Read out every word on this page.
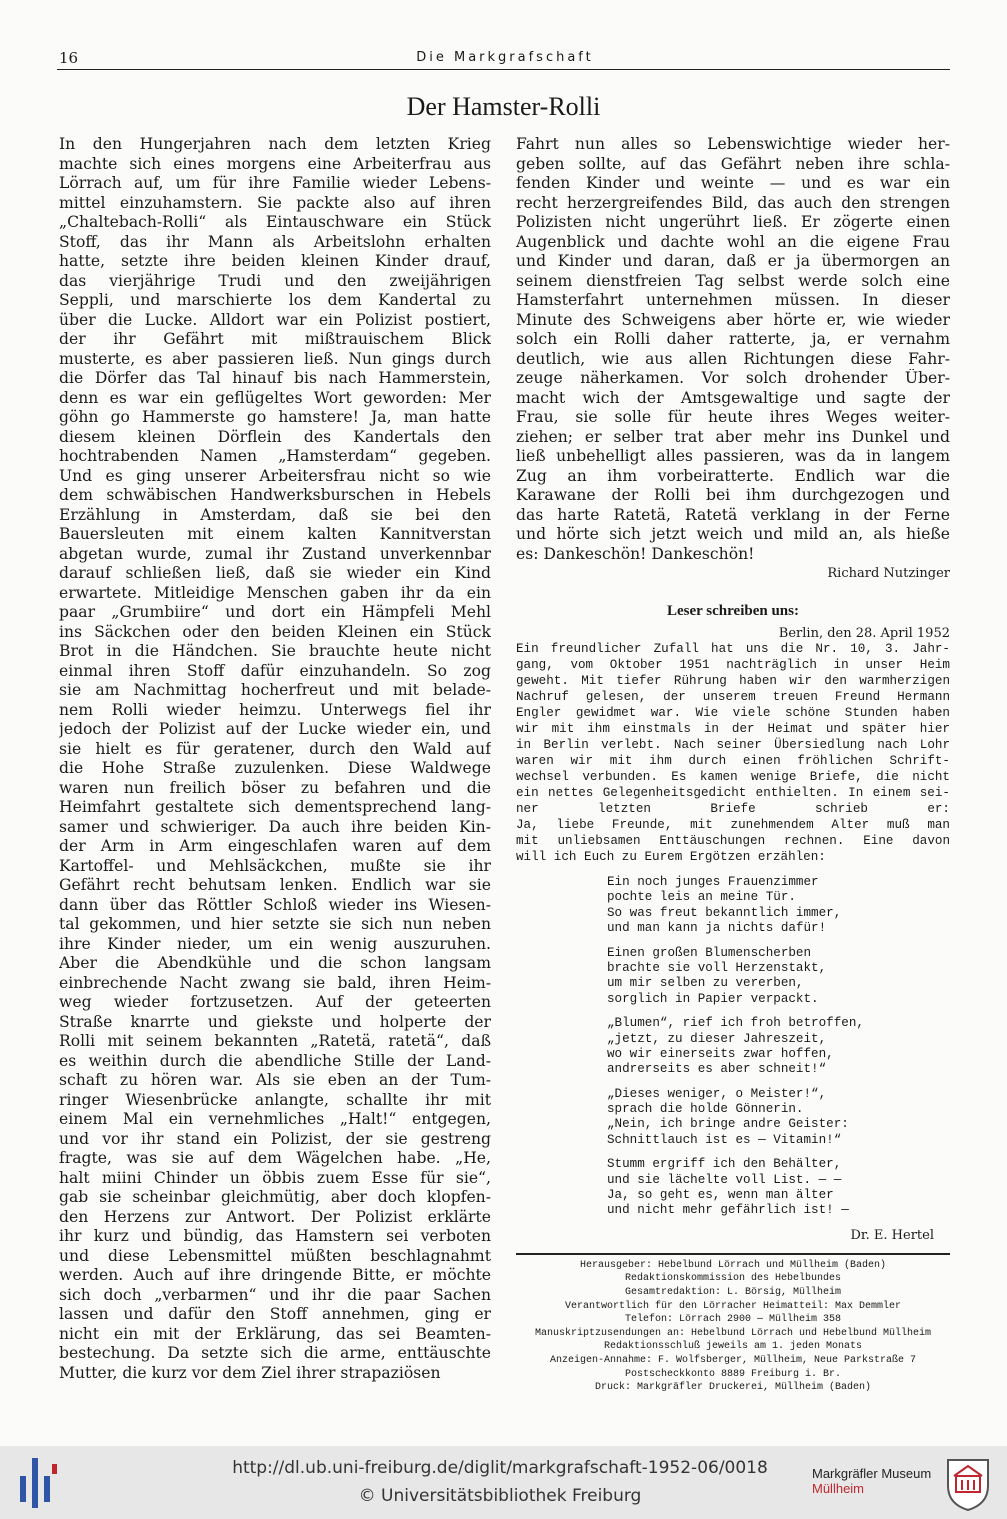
16	Die Markgrafschaft
Der Hamster-Rolli
In den Hungerjahren nach dem letzten Krieg
machte sich eines morgens eine Arbeiterfrau aus
Lörrach auf, um für ihre Familie wieder Lebens-
mittel einzuhamstern. Sie packte also auf ihren
„Chaltebach-Rolli“ als Eintauschware ein Stück
Stoff, das ihr Mann als Arbeitslohn erhalten
hatte, setzte ihre beiden kleinen Kinder drauf,
das vierjährige Trudi und den zweijährigen
Seppli, und marschierte los dem Kandertal zu
über die Lucke. Alldort war ein Polizist postiert,
der ihr Gefährt mit mißtrauischem Blick
musterte, es aber passieren ließ. Nun gings durch
die Dörfer das Tal hinauf bis nach Hammerstein,
denn es war ein geflügeltes Wort geworden: Mer
göhn go Hammerste go hamstere! Ja, man hatte
diesem kleinen Dörflein des Kandertals den
hochtrabenden Namen „Hamsterdam“ gegeben.
Und es ging unserer Arbeitersfrau nicht so wie
dem schwäbischen Handwerksburschen in Hebels
Erzählung in Amsterdam, daß sie bei den
Bauersleuten mit einem kalten Kannitverstan
abgetan wurde, zumal ihr Zustand unverkennbar
darauf schließen ließ, daß sie wieder ein Kind
erwartete. Mitleidige Menschen gaben ihr da ein
paar „Grumbiire“ und dort ein Hämpfeli Mehl
ins Säckchen oder den beiden Kleinen ein Stück
Brot in die Händchen. Sie brauchte heute nicht
einmal ihren Stoff dafür einzuhandeln. So zog
sie am Nachmittag hocherfreut und mit belade-
nem Rolli wieder heimzu. Unterwegs fiel ihr
jedoch der Polizist auf der Lucke wieder ein, und
sie hielt es für geratener, durch den Wald auf
die Hohe Straße zuzulenken. Diese Waldwege
waren nun freilich böser zu befahren und die
Heimfahrt gestaltete sich dementsprechend lang-
samer und schwieriger. Da auch ihre beiden Kin-
der Arm in Arm eingeschlafen waren auf dem
Kartoffel- und Mehlsäckchen, mußte sie ihr
Gefährt recht behutsam lenken. Endlich war sie
dann über das Röttler Schloß wieder ins Wiesen-
tal gekommen, und hier setzte sie sich nun neben
ihre Kinder nieder, um ein wenig auszuruhen.
Aber die Abendkühle und die schon langsam
einbrechende Nacht zwang sie bald, ihren Heim-
weg wieder fortzusetzen. Auf der geteerten
Straße knarrte und giekste und holperte der
Rolli mit seinem bekannten „Ratetä, ratetä“, daß
es weithin durch die abendliche Stille der Land-
schaft zu hören war. Als sie eben an der Tum-
ringer Wiesenbrücke anlangte, schallte ihr mit
einem Mal ein vernehmliches „Halt!“ entgegen,
und vor ihr stand ein Polizist, der sie gestreng
fragte, was sie auf dem Wägelchen habe. „He,
halt miini Chinder un öbbis zuem Esse für sie“,
gab sie scheinbar gleichmütig, aber doch klopfen-
den Herzens zur Antwort. Der Polizist erklärte
ihr kurz und bündig, das Hamstern sei verboten
und diese Lebensmittel müßten beschlagnahmt
werden. Auch auf ihre dringende Bitte, er möchte
sich doch „verbarmen“ und ihr die paar Sachen
lassen und dafür den Stoff annehmen, ging er
nicht ein mit der Erklärung, das sei Beamten-
bestechung. Da setzte sich die arme, enttäuschte
Mutter, die kurz vor dem Ziel ihrer strapaziösen
Fahrt nun alles so Lebenswichtige wieder her-
geben sollte, auf das Gefährt neben ihre schla-
fenden Kinder und weinte — und es war ein
recht herzergreifendes Bild, das auch den strengen
Polizisten nicht ungerührt ließ. Er zögerte einen
Augenblick und dachte wohl an die eigene Frau
und Kinder und daran, daß er ja übermorgen an
seinem dienstfreien Tag selbst werde solch eine
Hamsterfahrt unternehmen müssen. In dieser
Minute des Schweigens aber hörte er, wie wieder
solch ein Rolli daher ratterte, ja, er vernahm
deutlich, wie aus allen Richtungen diese Fahr-
zeuge näherkamen. Vor solch drohender Über-
macht wich der Amtsgewaltige und sagte der
Frau, sie solle für heute ihres Weges weiter-
ziehen; er selber trat aber mehr ins Dunkel und
ließ unbehelligt alles passieren, was da in langem
Zug an ihm vorbeiratterte. Endlich war die
Karawane der Rolli bei ihm durchgezogen und
das harte Ratetä, Ratetä verklang in der Ferne
und hörte sich jetzt weich und mild an, als hieße
es: Dankeschön! Dankeschön!
Richard Nutzinger
Leser schreiben uns:
Berlin, den 28. April 1952
Ein freundlicher Zufall hat uns die Nr. 10, 3. Jahr-
gang, vom Oktober 1951 nachträglich in unser Heim
geweht. Mit tiefer Rührung haben wir den warmherzigen
Nachruf gelesen, der unserem treuen Freund Hermann
Engler gewidmet war. Wie viele schöne Stunden haben
wir mit ihm einstmals in der Heimat und später hier
in Berlin verlebt. Nach seiner Übersiedlung nach Lohr
waren wir mit ihm durch einen fröhlichen Schrift-
wechsel verbunden. Es kamen wenige Briefe, die nicht
ein nettes Gelegenheitsgedicht enthielten. In einem sei-
ner letzten Briefe schrieb er:
Ja, liebe Freunde, mit zunehmendem Alter muß man
mit unliebsamen Enttäuschungen rechnen. Eine davon
will ich Euch zu Eurem Ergötzen erzählen:
Ein noch junges Frauenzimmer
pochte leis an meine Tür.
So was freut bekanntlich immer,
und man kann ja nichts dafür!
Einen großen Blumenscherben
brachte sie voll Herzenstakt,
um mir selben zu vererben,
sorglich in Papier verpackt.
„Blumen“, rief ich froh betroffen,
„jetzt, zu dieser Jahreszeit,
wo wir einerseits zwar hoffen,
andrerseits es aber schneit!“
„Dieses weniger, o Meister!“,
sprach die holde Gönnerin.
„Nein, ich bringe andre Geister:
Schnittlauch ist es — Vitamin!“
Stumm ergriff ich den Behälter,
und sie lächelte voll List. — —
Ja, so geht es, wenn man älter
und nicht mehr gefährlich ist! —
Dr. E. Hertel
Herausgeber: Hebelbund Lörrach und Müllheim (Baden)
Redaktionskommission des Hebelbundes
Gesamtredaktion: L. Börsig, Müllheim
Verantwortlich für den Lörracher Heimatteil: Max Demmler
Telefon: Lörrach 2900 — Müllheim 358
Manuskriptzusendungen an: Hebelbund Lörrach und Hebelbund Müllheim
Redaktionsschluß jeweils am 1. jeden Monats
Anzeigen-Annahme: F. Wolfsberger, Müllheim, Neue Parkstraße 7
Postscheckkonto 8889 Freiburg i. Br.
Druck: Markgräfler Druckerei, Müllheim (Baden)
http://dl.ub.uni-freiburg.de/diglit/markgrafschaft-1952-06/0018
© Universitätsbibliothek Freiburg
Markgräfler Museum
Müllheim
